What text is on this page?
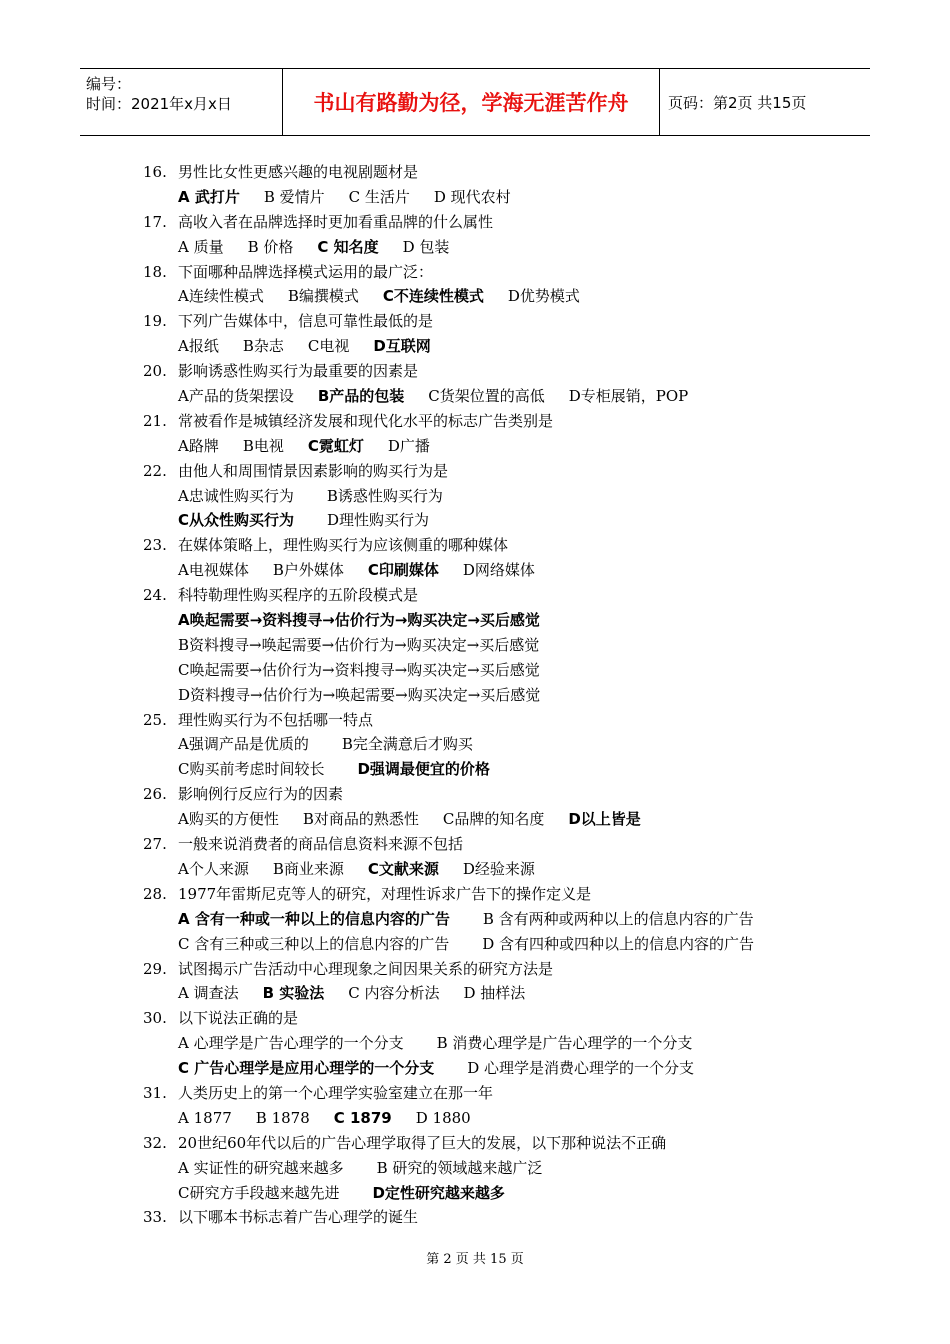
编号：
时间：2021年x月x日	书山有路勤为径，学海无涯苦作舟	页码：第2页 共15页
16. 男性比女性更感兴趣的电视剧题材是
A 武打片 B 爱情片 C 生活片 D 现代农村
17. 高收入者在品牌选择时更加看重品牌的什么属性
A 质量 B 价格 C 知名度 D 包装
18. 下面哪种品牌选择模式运用的最广泛：
A连续性模式 B编撰模式 C不连续性模式 D优势模式
19. 下列广告媒体中，信息可靠性最低的是
A报纸 B杂志 C电视 D互联网
20. 影响诱惑性购买行为最重要的因素是
A产品的货架摆设 B产品的包装 C货架位置的高低 D专柜展销，POP
21. 常被看作是城镇经济发展和现代化水平的标志广告类别是
A路牌 B电视 C霓虹灯 D广播
22. 由他人和周围情景因素影响的购买行为是
A忠诚性购买行为 B诱惑性购买行为
C从众性购买行为 D理性购买行为
23. 在媒体策略上，理性购买行为应该侧重的哪种媒体
A电视媒体 B户外媒体 C印刷媒体 D网络媒体
24. 科特勒理性购买程序的五阶段模式是
A唤起需要→资料搜寻→估价行为→购买决定→买后感觉
B资料搜寻→唤起需要→估价行为→购买决定→买后感觉
C唤起需要→估价行为→资料搜寻→购买决定→买后感觉
D资料搜寻→估价行为→唤起需要→购买决定→买后感觉
25. 理性购买行为不包括哪一特点
A强调产品是优质的 B完全满意后才购买
C购买前考虑时间较长 D强调最便宜的价格
26. 影响例行反应行为的因素
A购买的方便性 B对商品的熟悉性 C品牌的知名度 D以上皆是
27. 一般来说消费者的商品信息资料来源不包括
A个人来源 B商业来源 C文献来源 D经验来源
28. 1977年雷斯尼克等人的研究，对理性诉求广告下的操作定义是
A 含有一种或一种以上的信息内容的广告 B 含有两种或两种以上的信息内容的广告
C 含有三种或三种以上的信息内容的广告 D 含有四种或四种以上的信息内容的广告
29. 试图揭示广告活动中心理现象之间因果关系的研究方法是
A 调查法 B 实验法 C 内容分析法 D 抽样法
30. 以下说法正确的是
A 心理学是广告心理学的一个分支 B 消费心理学是广告心理学的一个分支
C 广告心理学是应用心理学的一个分支 D 心理学是消费心理学的一个分支
31. 人类历史上的第一个心理学实验室建立在那一年
A 1877 B 1878 C 1879 D 1880
32. 20世纪60年代以后的广告心理学取得了巨大的发展，以下那种说法不正确
A 实证性的研究越来越多 B 研究的领域越来越广泛
C研究方手段越来越先进 D定性研究越来越多
33. 以下哪本书标志着广告心理学的诞生
第 2 页 共 15 页
